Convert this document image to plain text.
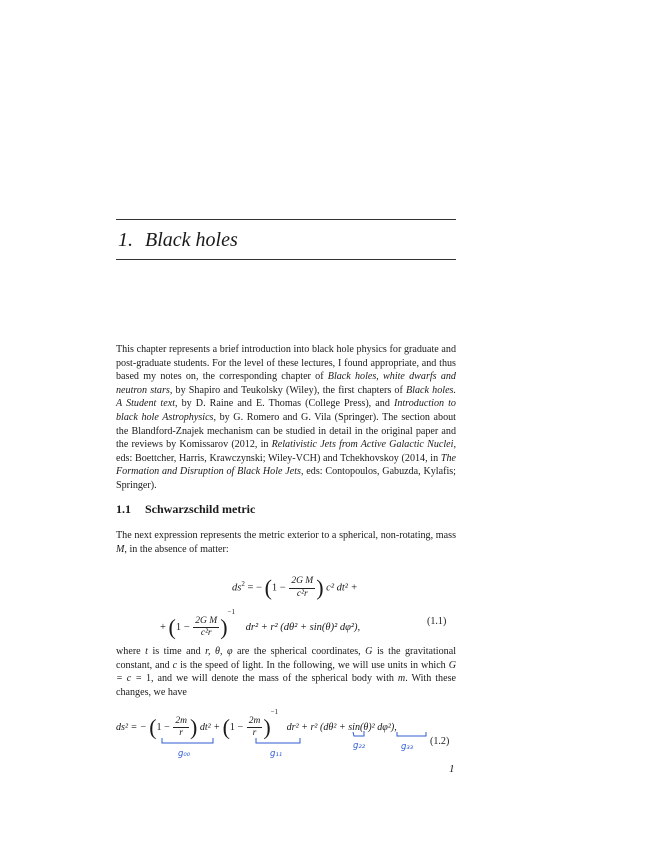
1. Black holes
This chapter represents a brief introduction into black hole physics for graduate and post-graduate students. For the level of these lectures, I found appropriate, and thus based my notes on, the corresponding chapter of Black holes, white dwarfs and neutron stars, by Shapiro and Teukolsky (Wiley), the first chapters of Black holes. A Student text, by D. Raine and E. Thomas (College Press), and Introduction to black hole Astrophysics, by G. Romero and G. Vila (Springer). The section about the Blandford-Znajek mechanism can be studied in detail in the original paper and the reviews by Komissarov (2012, in Relativistic Jets from Active Galactic Nuclei, eds: Boettcher, Harris, Krawczynski; Wiley-VCH) and Tchekhovskoy (2014, in The Formation and Disruption of Black Hole Jets, eds: Contopoulos, Gabuzda, Kylafis; Springer).
1.1 Schwarzschild metric
The next expression represents the metric exterior to a spherical, non-rotating, mass M, in the absence of matter:
$ds^2$ = − ($1 - \frac{\text{2G M}}{\text{c²r}}$ ) c² dt² +
+ $(1 - \frac{\text{2G M}}{\text{c²r}} )^{-1}$ dr² + r² (dθ² + sin(θ)² dφ²),
(1.1)
where t is time and r, θ, φ are the spherical coordinates, G is the gravitational constant, and c is the speed of light. In the following, we will use units in which G = c = 1, and we will denote the mass of the spherical body with m. With these changes, we have
ds² = − ($1 - \frac{2m}{r}$ ) $dt^2 + (1 - \frac{2m}{r} )^{-1}$ dr² + r² (dθ² + sin(θ)² dφ²),
(1.2)
g₀₀	g₁₁
g₂₂	g₃₃
1
